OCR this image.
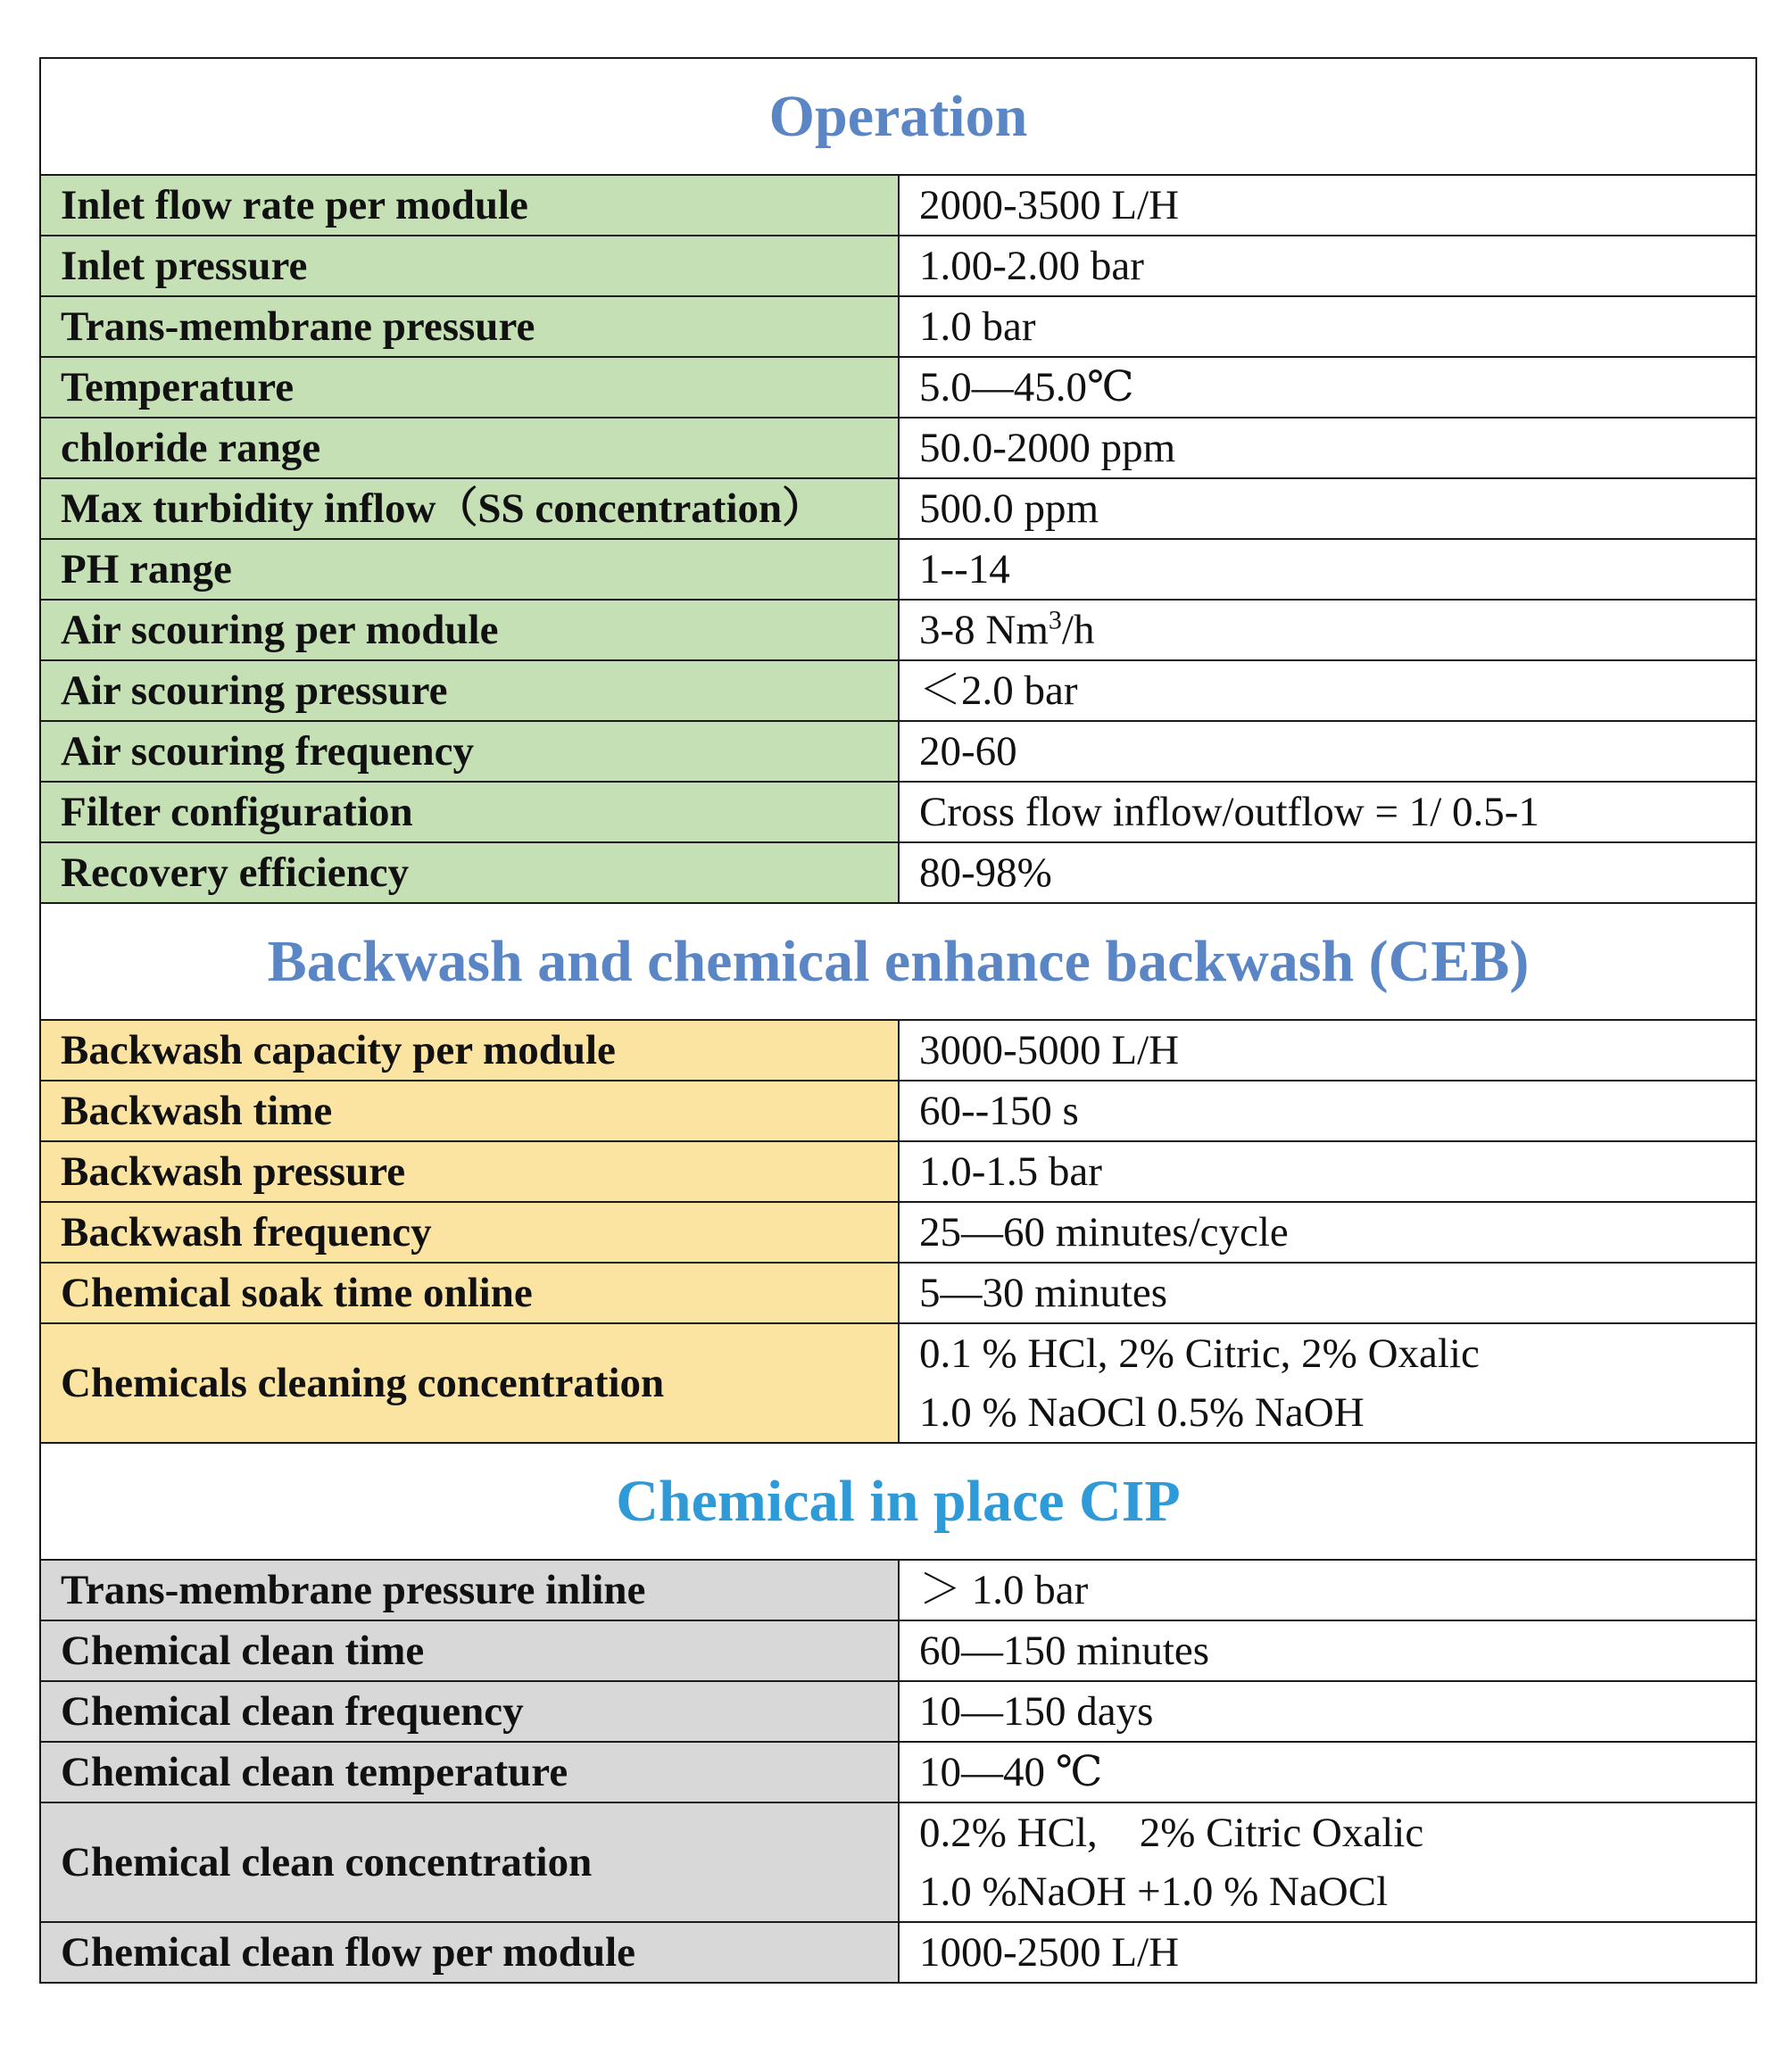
Operation	
Inlet flow rate per module	2000-3500 L/H
Inlet pressure	1.00-2.00 bar
Trans-membrane pressure	1.0 bar
Temperature	5.0—45.0℃
chloride range	50.0-2000 ppm
Max turbidity inflow（SS concentration）	500.0 ppm
PH range	1--14
Air scouring per module	3-8 Nm$^3$/h
Air scouring pressure	＜2.0 bar
Air scouring frequency	20-60
Filter configuration	Cross flow inflow/outflow = 1/ 0.5-1
Recovery efficiency	80-98%
Backwash and chemical enhance backwash (CEB)	
Backwash capacity per module	3000-5000 L/H
Backwash time	60--150 s
Backwash pressure	1.0-1.5 bar
Backwash frequency	25—60 minutes/cycle
Chemical soak time online	5—30 minutes
Chemicals cleaning concentration	0.1 % HCl, 2% Citric, 2% Oxalic
1.0 % NaOCl 0.5% NaOH

Chemical in place CIP	
Trans-membrane pressure inline	＞ 1.0 bar
Chemical clean time	60—150 minutes
Chemical clean frequency	10—150 days
Chemical clean temperature	10—40 ℃
Chemical clean concentration	0.2% HCl,    2% Citric Oxalic
1.0 %NaOH +1.0 % NaOCl

Chemical clean flow per module	1000-2500 L/H
